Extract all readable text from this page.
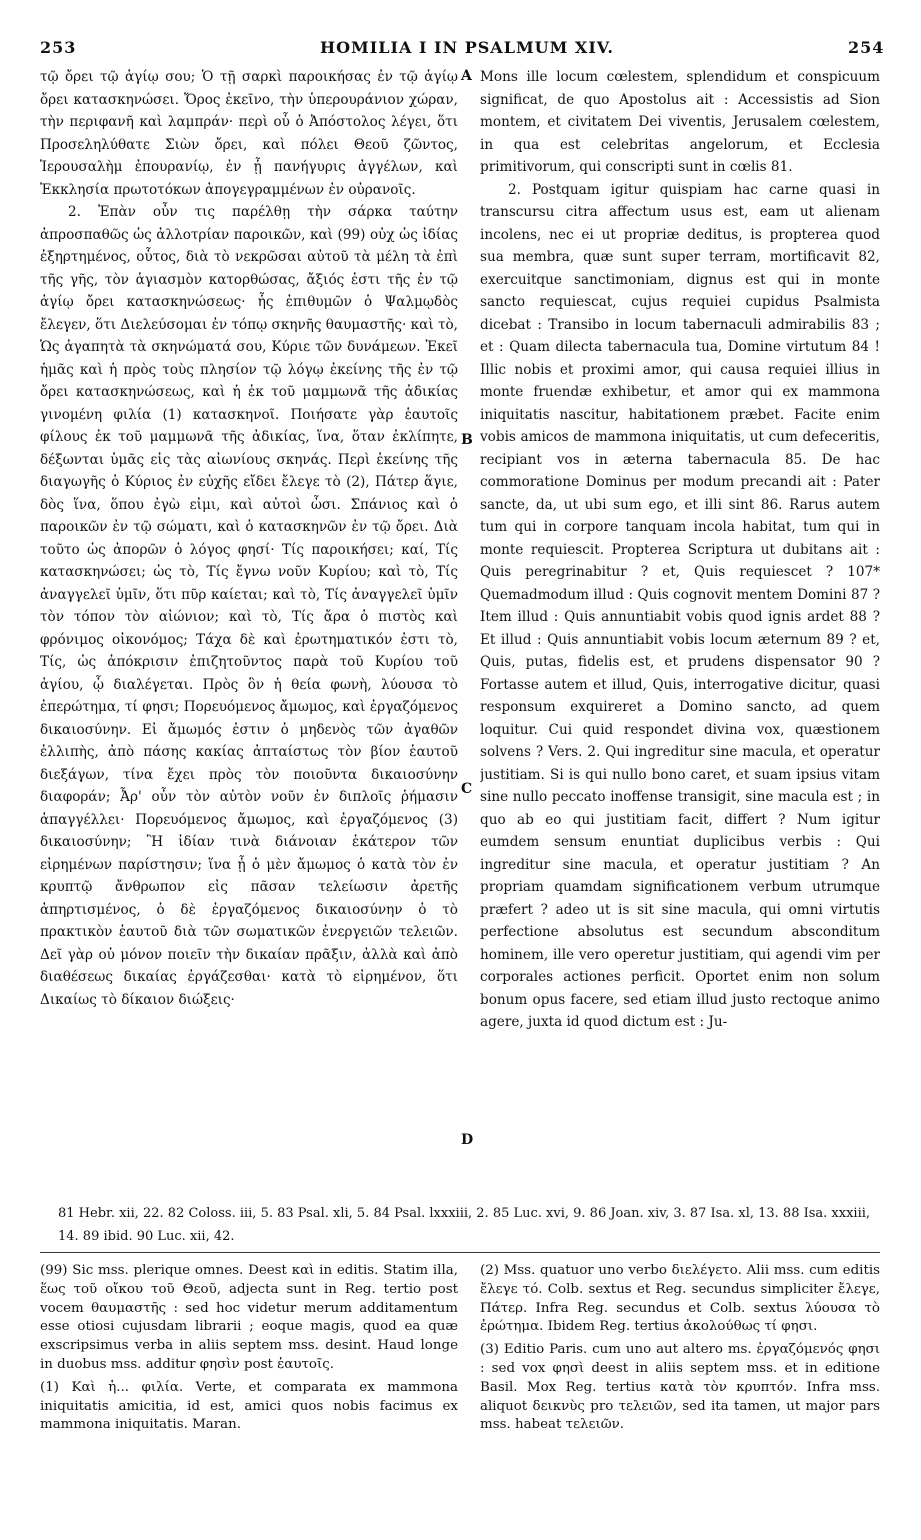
253	HOMILIA I IN PSALMUM XIV.	254

τῷ ὄρει τῷ ἁγίῳ σου; Ὁ τῇ σαρκὶ παροικήσας ἐν τῷ ἁγίῳ ὄρει κατασκηνώσει. Ὄρος ἐκεῖνο, τὴν ὑπερουράνιον χώραν, τὴν περιφανῆ καὶ λαμπράν· περὶ οὗ ὁ Ἀπόστολος λέγει, ὅτι Προσεληλύθατε Σιὼν ὄρει, καὶ πόλει Θεοῦ ζῶντος, Ἱερουσαλὴμ ἐπουρανίῳ, ἐν ᾗ πανήγυρις ἀγγέλων, καὶ Ἐκκλησία πρωτοτόκων ἀπογεγραμμένων ἐν οὐρανοῖς.

2. Ἐπὰν οὖν τις παρέλθῃ τὴν σάρκα ταύτην ἀπροσπαθῶς ὡς ἀλλοτρίαν παροικῶν, καὶ (99) οὐχ ὡς ἰδίας ἐξηρτημένος, οὗτος, διὰ τὸ νεκρῶσαι αὐτοῦ τὰ μέλη τὰ ἐπὶ τῆς γῆς, τὸν ἁγιασμὸν κατορθώσας, ἄξιός ἐστι τῆς ἐν τῷ ἁγίῳ ὄρει κατασκηνώσεως· ἧς ἐπιθυμῶν ὁ Ψαλμῳδὸς ἔλεγεν, ὅτι Διελεύσομαι ἐν τόπῳ σκηνῆς θαυμαστῆς· καὶ τὸ, Ὡς ἀγαπητὰ τὰ σκηνώματά σου, Κύριε τῶν δυνάμεων. Ἐκεῖ ἡμᾶς καὶ ἡ πρὸς τοὺς πλησίον τῷ λόγῳ ἐκείνης τῆς ἐν τῷ ὄρει κατασκηνώσεως, καὶ ἡ ἐκ τοῦ μαμμωνᾶ τῆς ἀδικίας γινομένη φιλία (1) κατασκηνοῖ. Ποιήσατε γὰρ ἑαυτοῖς φίλους ἐκ τοῦ μαμμωνᾶ τῆς ἀδικίας, ἵνα, ὅταν ἐκλίπητε, δέξωνται ὑμᾶς εἰς τὰς αἰωνίους σκηνάς. Περὶ ἐκείνης τῆς διαγωγῆς ὁ Κύριος ἐν εὐχῆς εἴδει ἔλεγε τὸ (2), Πάτερ ἅγιε, δὸς ἵνα, ὅπου ἐγὼ εἰμι, καὶ αὐτοὶ ὦσι. Σπάνιος καὶ ὁ παροικῶν ἐν τῷ σώματι, καὶ ὁ κατασκηνῶν ἐν τῷ ὄρει. Διὰ τοῦτο ὡς ἀπορῶν ὁ λόγος φησί· Τίς παροικήσει; καί, Τίς κατασκηνώσει; ὡς τὸ, Τίς ἔγνω νοῦν Κυρίου; καὶ τὸ, Τίς ἀναγγελεῖ ὑμῖν, ὅτι πῦρ καίεται; καὶ τὸ, Τίς ἀναγγελεῖ ὑμῖν τὸν τόπον τὸν αἰώνιον; καὶ τὸ, Τίς ἄρα ὁ πιστὸς καὶ φρόνιμος οἰκονόμος; Τάχα δὲ καὶ ἐρωτηματικόν ἐστι τὸ, Τίς, ὡς ἀπόκρισιν ἐπιζητοῦντος παρὰ τοῦ Κυρίου τοῦ ἁγίου, ᾧ διαλέγεται. Πρὸς ὃν ἡ θεία φωνὴ, λύουσα τὸ ἐπερώτημα, τί φησι; Πορευόμενος ἄμωμος, καὶ ἐργαζόμενος δικαιοσύνην. Εἰ ἄμωμός ἐστιν ὁ μηδενὸς τῶν ἀγαθῶν ἐλλιπὴς, ἀπὸ πάσης κακίας ἀπταίστως τὸν βίον ἑαυτοῦ διεξάγων, τίνα ἔχει πρὸς τὸν ποιοῦντα δικαιοσύνην διαφοράν; Ἆρ' οὖν τὸν αὐτὸν νοῦν ἐν διπλοῖς ῥήμασιν ἀπαγγέλλει· Πορευόμενος ἄμωμος, καὶ ἐργαζόμενος (3) δικαιοσύνην; Ἢ ἰδίαν τινὰ διάνοιαν ἑκάτερον τῶν εἰρημένων παρίστησιν; ἵνα ᾖ ὁ μὲν ἄμωμος ὁ κατὰ τὸν ἐν κρυπτῷ ἄνθρωπον εἰς πᾶσαν τελείωσιν ἀρετῆς ἀπηρτισμένος, ὁ δὲ ἐργαζόμενος δικαιοσύνην ὁ τὸ πρακτικὸν ἑαυτοῦ διὰ τῶν σωματικῶν ἐνεργειῶν τελειῶν. Δεῖ γὰρ οὐ μόνον ποιεῖν τὴν δικαίαν πρᾶξιν, ἀλλὰ καὶ ἀπὸ διαθέσεως δικαίας ἐργάζεσθαι· κατὰ τὸ εἰρημένον, ὅτι Δικαίως τὸ δίκαιον διώξεις·

A
B
C
D

Mons ille locum cœlestem, splendidum et conspicuum significat, de quo Apostolus ait : Accessistis ad Sion montem, et civitatem Dei viventis, Jerusalem cœlestem, in qua est celebritas angelorum, et Ecclesia primitivorum, qui conscripti sunt in cœlis 81.

2. Postquam igitur quispiam hac carne quasi in transcursu citra affectum usus est, eam ut alienam incolens, nec ei ut propriæ deditus, is propterea quod sua membra, quæ sunt super terram, mortificavit 82, exercuitque sanctimoniam, dignus est qui in monte sancto requiescat, cujus requiei cupidus Psalmista dicebat : Transibo in locum tabernaculi admirabilis 83 ; et : Quam dilecta tabernacula tua, Domine virtutum 84 ! Illic nobis et proximi amor, qui causa requiei illius in monte fruendæ exhibetur, et amor qui ex mammona iniquitatis nascitur, habitationem præbet. Facite enim vobis amicos de mammona iniquitatis, ut cum defeceritis, recipiant vos in æterna tabernacula 85. De hac commoratione Dominus per modum precandi ait : Pater sancte, da, ut ubi sum ego, et illi sint 86. Rarus autem tum qui in corpore tanquam incola habitat, tum qui in monte requiescit. Propterea Scriptura ut dubitans ait : Quis peregrinabitur ? et, Quis requiescet ? 107* Quemadmodum illud : Quis cognovit mentem Domini 87 ? Item illud : Quis annuntiabit vobis quod ignis ardet 88 ? Et illud : Quis annuntiabit vobis locum æternum 89 ? et, Quis, putas, fidelis est, et prudens dispensator 90 ? Fortasse autem et illud, Quis, interrogative dicitur, quasi responsum exquireret a Domino sancto, ad quem loquitur. Cui quid respondet divina vox, quæstionem solvens ? Vers. 2. Qui ingreditur sine macula, et operatur justitiam. Si is qui nullo bono caret, et suam ipsius vitam sine nullo peccato inoffense transigit, sine macula est ; in quo ab eo qui justitiam facit, differt ? Num igitur eumdem sensum enuntiat duplicibus verbis : Qui ingreditur sine macula, et operatur justitiam ? An propriam quamdam significationem verbum utrumque præfert ? adeo ut is sit sine macula, qui omni virtutis perfectione absolutus est secundum absconditum hominem, ille vero operetur justitiam, qui agendi vim per corporales actiones perficit. Oportet enim non solum bonum opus facere, sed etiam illud justo rectoque animo agere, juxta id quod dictum est : Ju-

81 Hebr. xii, 22. 82 Coloss. iii, 5. 83 Psal. xli, 5. 84 Psal. lxxxiii, 2. 85 Luc. xvi, 9. 86 Joan. xiv, 3. 87 Isa. xl, 13. 88 Isa. xxxiii, 14. 89 ibid. 90 Luc. xii, 42.

(99) Sic mss. plerique omnes. Deest καὶ in editis. Statim illa, ἕως τοῦ οἴκου τοῦ Θεοῦ, adjecta sunt in Reg. tertio post vocem θαυμαστῆς : sed hoc videtur merum additamentum esse otiosi cujusdam librarii ; eoque magis, quod ea quæ exscripsimus verba in aliis septem mss. desint. Haud longe in duobus mss. additur φησὶν post ἑαυτοῖς.

(1) Καὶ ἡ... φιλία. Verte, et comparata ex mammona iniquitatis amicitia, id est, amici quos nobis facimus ex mammona iniquitatis. Maran.

(2) Mss. quatuor uno verbo διελέγετο. Alii mss. cum editis ἔλεγε τό. Colb. sextus et Reg. secundus simpliciter ἔλεγε, Πάτερ. Infra Reg. secundus et Colb. sextus λύουσα τὸ ἐρώτημα. Ibidem Reg. tertius ἀκολούθως τί φησι.

(3) Editio Paris. cum uno aut altero ms. ἐργαζόμενός φησι : sed vox φησὶ deest in aliis septem mss. et in editione Basil. Mox Reg. tertius κατὰ τὸν κρυπτόν. Infra mss. aliquot δεικνὺς pro τελειῶν, sed ita tamen, ut major pars mss. habeat τελειῶν.
